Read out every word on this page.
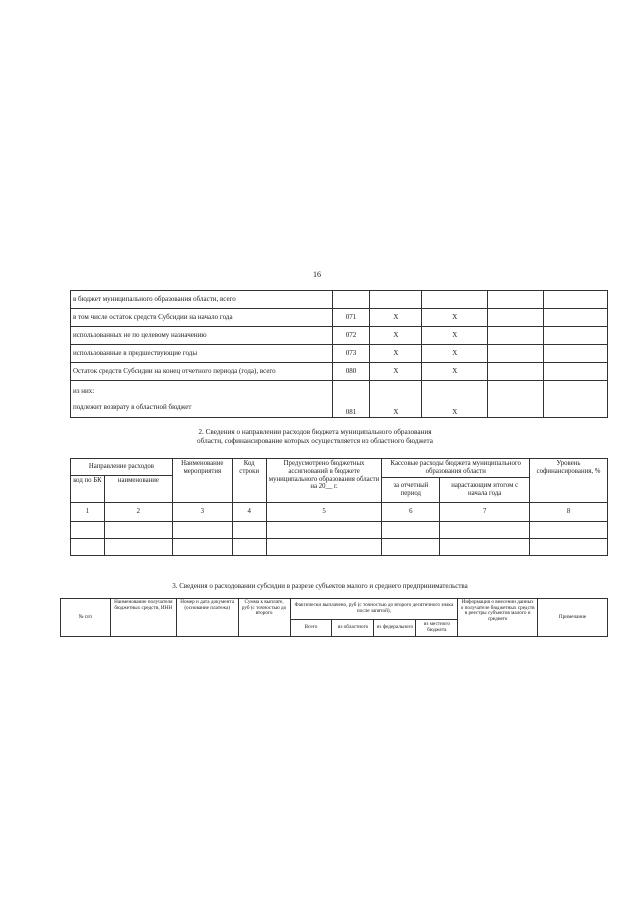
16
в бюджет муниципального образования области, всего					
в том числе остаток средств Субсидии на начало года	071	X	X		
использованных не по целевому назначению	072	X	X		
использованные в предшествующие годы	073	X	X		
Остаток средств Субсидии на конец отчетного периода (года), всего	080	X	X		

из них:
подлежит возврату в областной бюджет	081	X	X		
2. Сведения о направлении расходов бюджета муниципального образования
области, софинансирование которых осуществляется из областного бюджета
Направление расходов		Наименование мероприятия	Код строки	Предусмотрено бюджетных ассигнований в бюджете муниципального образования области на 20__ г.	Кассовые расходы бюджета муниципального образования области		Уровень софинансирования, %
код по БК	наименование						
					за отчетный период	нарастающим итогом с начала года	
1	2	3	4	5	6	7	8

3. Сведения о расходовании субсидии в разрезе субъектов малого и среднего предпринимательства
№ п/п	Наименование получателя бюджетных средств, ИНН	Номер и дата документа (основание платежа)	Сумма к выплате, руб (с точностью до второго	Фактически выплачено, руб (с точностью до второго десятичного знака после запятой),				Информация о внесении данных о получателе бюджетных средств в реестры субъектов малого и среднего	Примечание
				Всего	из областного	из федерального	из местного бюджета		
